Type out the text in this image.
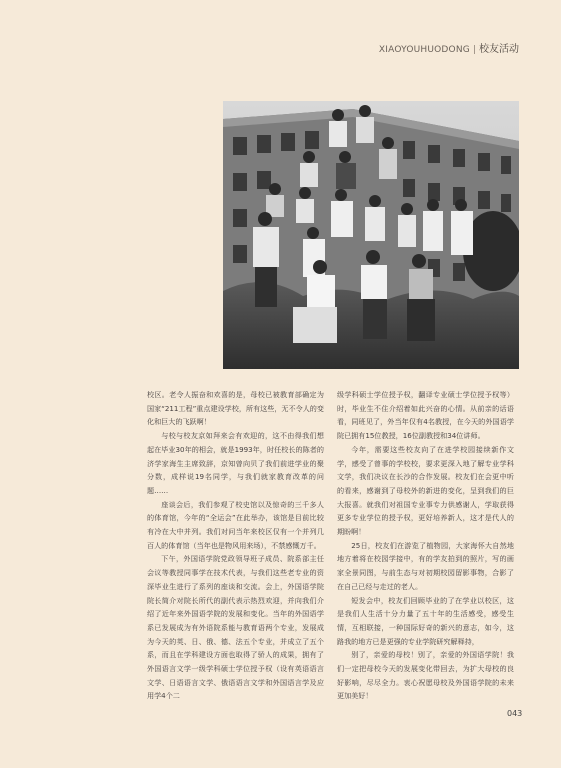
XIAOYOUHUODONG | 校友活动

校区。老令人振奋和欢喜的是，母校已被教育部确定为国家“211工程”重点建设学校，所有这些，无不令人的变化和巨大的飞跃啊！

与校与校友京如拜来会有欢迎的，这不由得我们想起在毕业30年的相会，就是1993年，时任校长的陈者的济学家海生主席致辞，京知曾向贝了我们前进学业的聚分数，成样说19名同学，与我们就家教育改革的问题……

座谈会后，我们参观了校史馆以及惊奇的三千多人的体育馆，今年的“全运会”在此举办，该馆是目前比较有冷在大中并列。我们对问当年来校区仅有一个并列几百人的体育馆（当年也是物风用来场），不禁感慨万千。

下午，外国语学院党政领导班子成员、院系部主任会议等教授同事学在技术代表，与我们这些老专业的资深毕业生进行了系列的座谈和交流。会上，外国语学院院长简介对院长所代的副代表示热烈欢迎，并向我们介绍了近年来外国语学院的发展和变化。当年的外国语学系已发展成为有外语院系能与教育语两个专业，发展成为今天的英、日、俄、德、法五个专业，并成立了五个系，而且在学科建设方面也取得了骄人的成果，拥有了外国语言文学一级学科硕士学位授予权（设有英语语言文学、日语语言文学、俄语语言文学和外国语言学及应用学4个二

级学科硕士学位授予权，翻译专业硕士学位授予权等）时，毕业生不住介绍着如此兴奋的心情。从前亲的话语看，同班见了，外当年仅有4名教授，在今天的外国语学院已拥有15位教授，16位副教授和34位讲师。

今年，需要这些校友向了在进学校园接续新作文学，感受了曾事的学校校，要求更深入地了解专业学科文学，我们决议在长沙的合作发展。校友们在会更中听的看来，感谢到了母校外的新进的变化，呈到我们的巨大报喜。就我们对祖国专业事专力供感谢人，学取获得更多专业学位的授予权，更好培养新人，这才是代人的期盼啊！

25日，校友们在游览了植物园，大家海怀大自然地地方着将在校园学接中，有的学友拍到的照片，写的画家全景同图，与前生态与对初期校园留影事物，合影了在自己已经与走过的老人。

短发会中，校友们回顾毕业的了在学业以校区，这是我们人生活十分力量了五十年的生活感受，感受生情，互相联接，一种国际好奇的新兴的意志，如今，这路我的地方已是更强的专业学院研究解释持，

别了，亲爱的母校！别了，亲爱的外国语学院！我们一定把母校今天的发展变化带回去，为扩大母校的良好影响，尽尽全力。衷心祝愿母校及外国语学院的未来更加美好！

043
